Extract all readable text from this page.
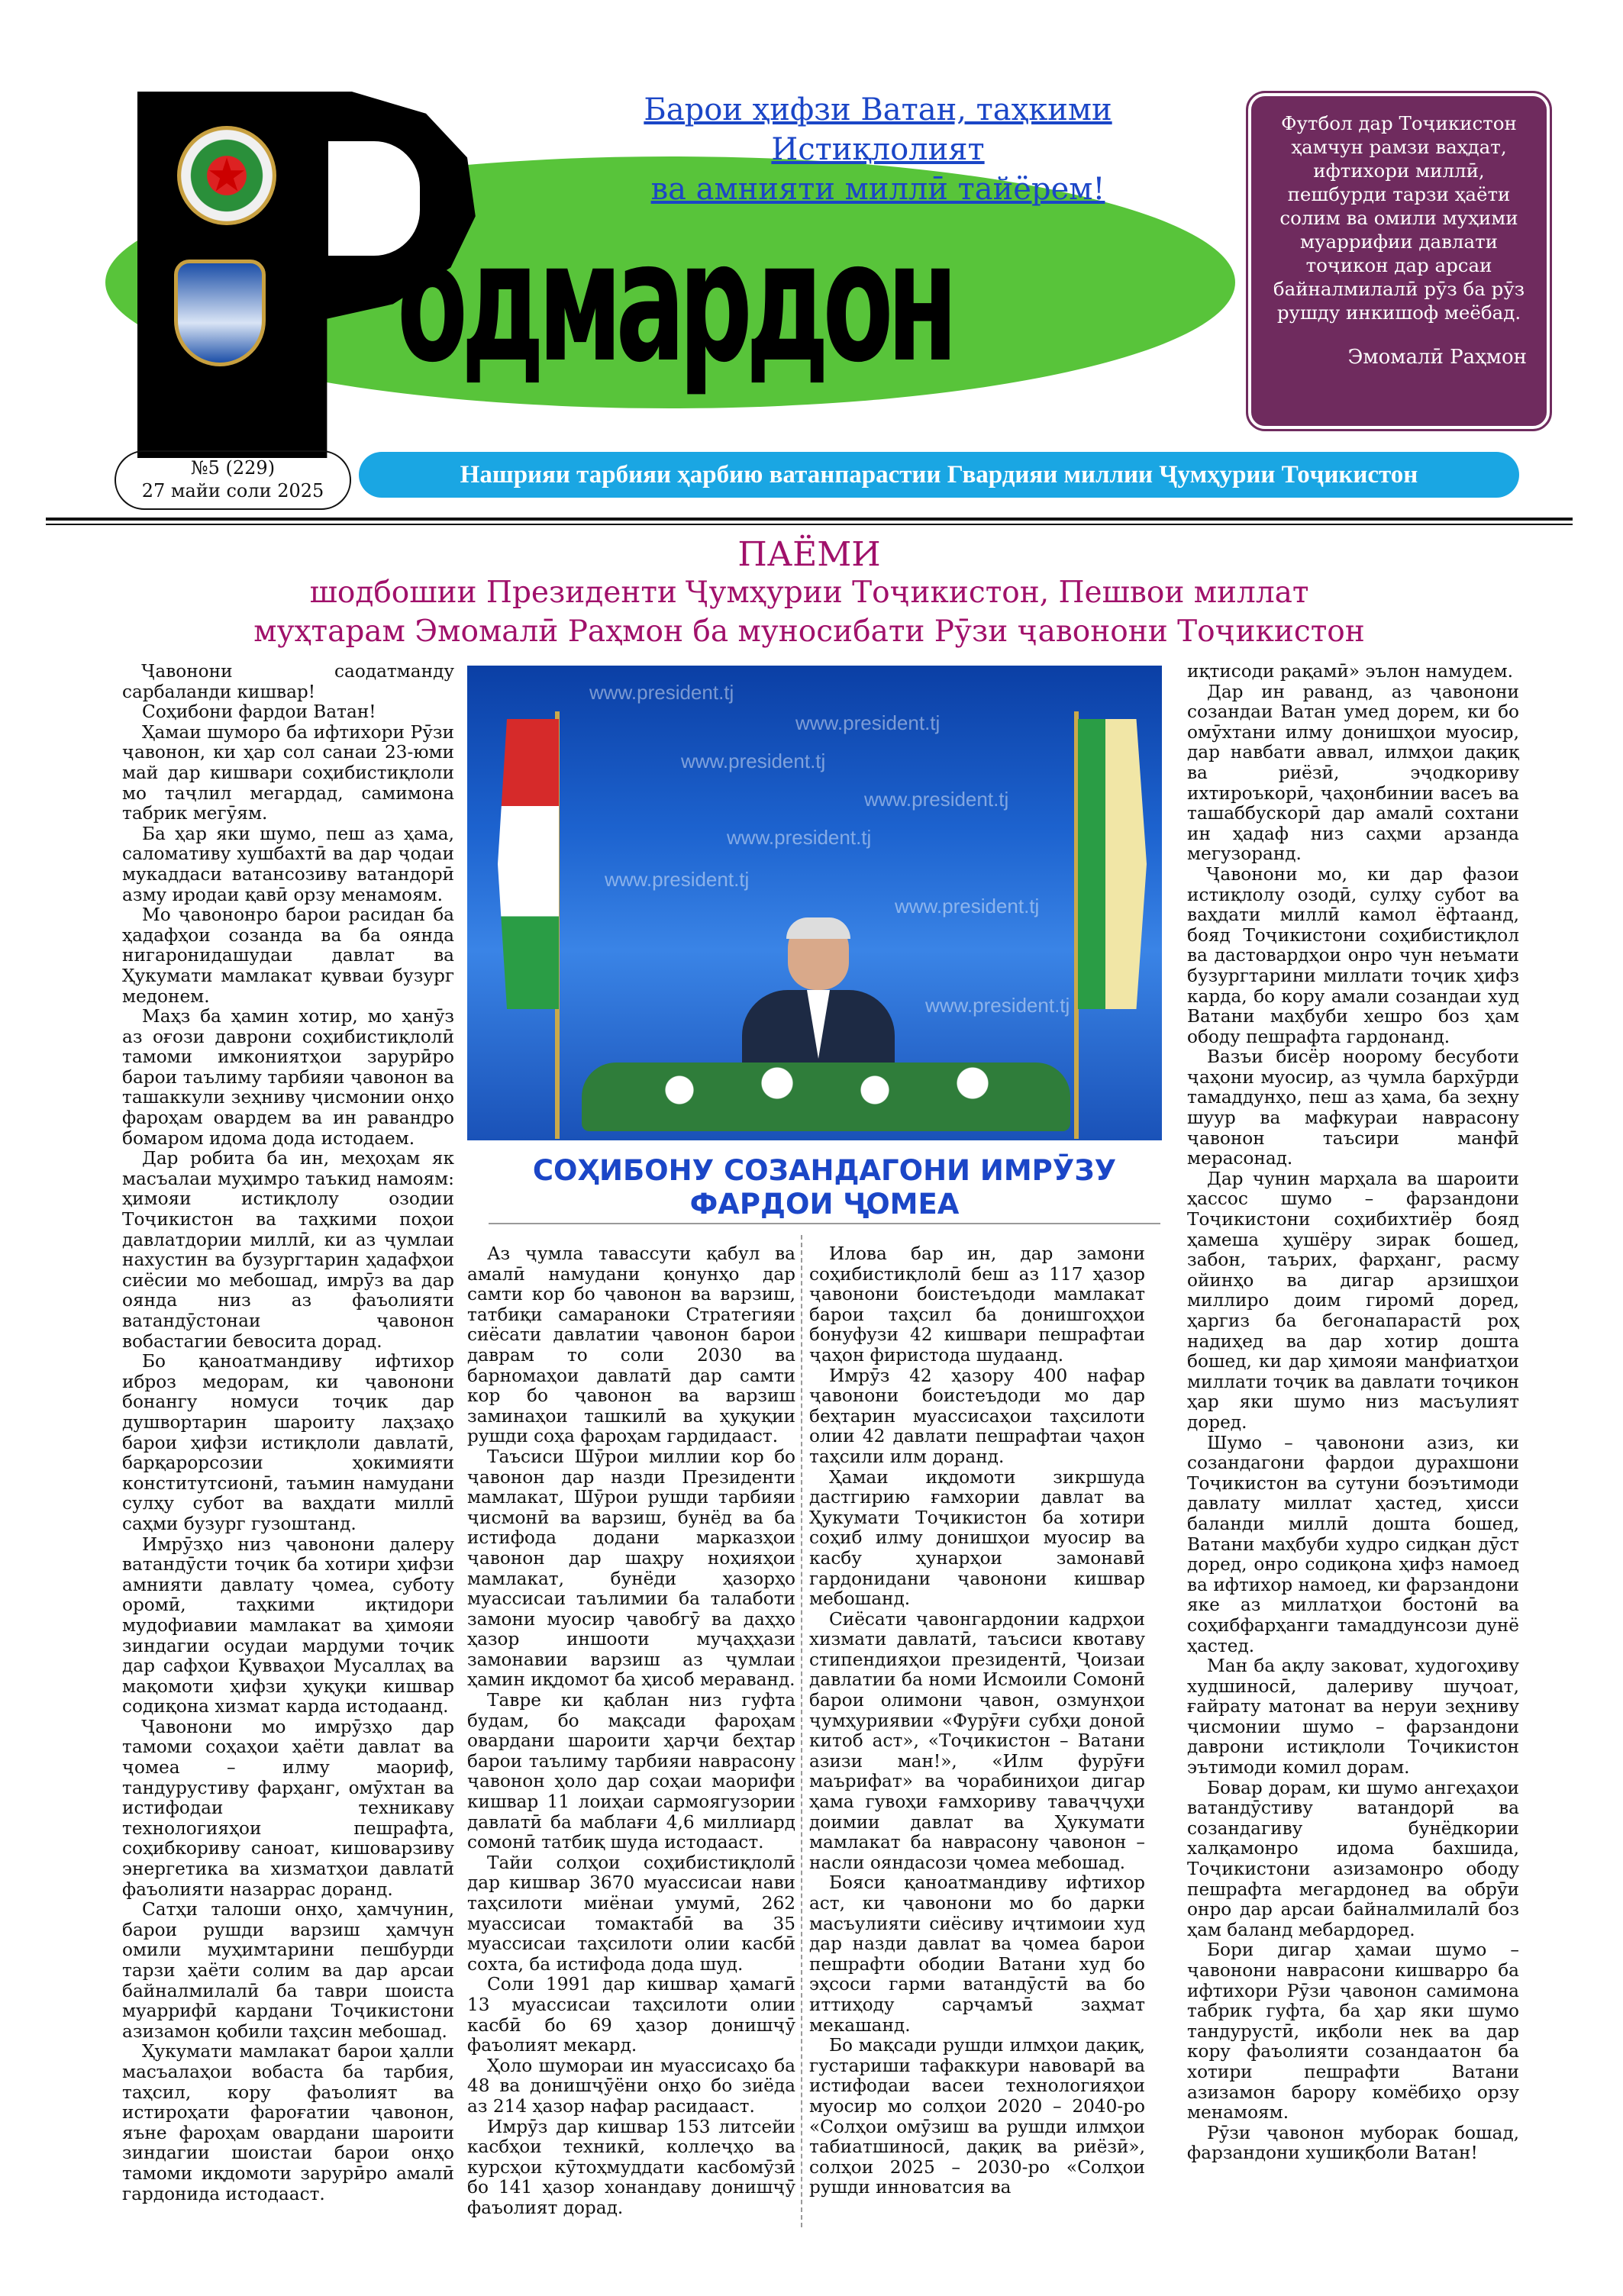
одмардон
★
Барои ҳифзи Ватан, таҳкими Истиқлолият
ва амнияти миллӣ тайёрем!
Футбол дар Тоҷикистон ҳамчун рамзи ваҳдат, ифтихори миллӣ, пешбурди тарзи ҳаёти солим ва омили муҳими муаррифии давлати тоҷикон дар арсаи байналмилалӣ рӯз ба рӯз рушду инкишоф меёбад.
Эмомалӣ Раҳмон
№5 (229)
27 майи соли 2025
Нашрияи тарбияи ҳарбию ватанпарастии Гвардияи миллии Ҷумҳурии Тоҷикистон
ПАЁМИ
шодбошии Президенти Ҷумҳурии Тоҷикистон, Пешвои миллат
муҳтарам Эмомалӣ Раҳмон ба муносибати Рӯзи ҷавонони Тоҷикистон
www.president.tj
www.president.tj
www.president.tj
www.president.tj
www.president.tj
www.president.tj
www.president.tj
www.president.tj
СОҲИБОНУ СОЗАНДАГОНИ ИМРӮЗУ
ФАРДОИ ҶОМЕА

Ҷавонони саодатманду сарбаланди кишвар!

Соҳибони фардои Ватан!

Ҳамаи шуморо ба ифтихори Рӯзи ҷавонон, ки ҳар сол санаи 23-юми май дар кишвари соҳибистиқлоли мо таҷлил мегардад, самимона табрик мегӯям.

Ба ҳар яки шумо, пеш аз ҳама, саломативу хушбахтӣ ва дар ҷодаи мукаддаси ватансозиву ватандорӣ азму иродаи қавӣ орзу менамоям.

Мо ҷавононро барои расидан ба ҳадафҳои созанда ва ба оянда нигаронидашудаи давлат ва Ҳукумати мамлакат қувваи бузург медонем.

Маҳз ба ҳамин хотир, мо ҳанӯз аз оғози даврони соҳибистиқлолӣ тамоми имкониятҳои зарурӣро барои таълиму тарбияи ҷавонон ва ташаккули зеҳниву ҷисмонии онҳо фароҳам овардем ва ин равандро бомаром идома дода истодаем.

Дар робита ба ин, меҳоҳам як масъалаи муҳимро таъкид намоям: ҳимояи истиқлолу озодии Тоҷикистон ва таҳкими поҳои давлатдории миллӣ, ки аз ҷумлаи нахустин ва бузургтарин ҳадафҳои сиёсии мо мебошад, имрӯз ва дар оянда низ аз фаъолияти ватандӯстонаи ҷавонон вобастагии бевосита дорад.

Бо қаноатмандиву ифтихор иброз медорам, ки ҷавонони бонангу номуси тоҷик дар душвортарин шароиту лаҳзаҳо барои ҳифзи истиқлоли давлатӣ, барқарорсозии ҳокимияти конститутсионӣ, таъмин намудани сулҳу субот ва ваҳдати миллӣ саҳми бузург гузоштанд.

Имрӯзҳо низ ҷавонони далеру ватандӯсти тоҷик ба хотири ҳифзи амнияти давлату ҷомеа, суботу оромӣ, таҳкими иқтидори мудофиавии мамлакат ва ҳимояи зиндагии осудаи мардуми тоҷик дар сафҳои Қувваҳои Мусаллаҳ ва мақомоти ҳифзи ҳуқуқи кишвар содиқона хизмат карда истодаанд.

Ҷавонони мо имрӯзҳо дар тамоми соҳаҳои ҳаёти давлат ва ҷомеа – илму маориф, тандурустиву фарҳанг, омӯхтан ва истифодаи техникаву технологияҳои пешрафта, соҳибкориву саноат, кишоварзиву энергетика ва хизматҳои давлатӣ фаъолияти назаррас доранд.

Сатҳи талоши онҳо, ҳамчунин, барои рушди варзиш ҳамчун омили муҳимтарини пешбурди тарзи ҳаёти солим ва дар арсаи байналмилалӣ ба таври шоиста муаррифӣ кардани Тоҷикистони азизамон қобили таҳсин мебошад.

Ҳукумати мамлакат барои ҳалли масъалаҳои вобаста ба тарбия, таҳсил, кору фаъолият ва истироҳати фароғатии ҷавонон, яъне фароҳам овардани шароити зиндагии шоистаи барои онҳо тамоми иқдомоти зарурӣро амалӣ гардонида истодааст.

Аз ҷумла тавассути қабул ва амалӣ намудани қонунҳо дар самти кор бо ҷавонон ва варзиш, татбиқи самараноки Стратегияи сиёсати давлатии ҷавонон барои даврам то соли 2030 ва барномаҳои давлатӣ дар самти кор бо ҷавонон ва варзиш заминаҳои ташкилӣ ва ҳуқуқии рушди соҳа фароҳам гардидааст.

Таъсиси Шӯрои миллии кор бо ҷавонон дар назди Президенти мамлакат, Шӯрои рушди тарбияи ҷисмонӣ ва варзиш, бунёд ва ба истифода додани марказҳои ҷавонон дар шаҳру ноҳияҳои мамлакат, бунёди ҳазорҳо муассисаи таълимии ба талаботи замони муосир ҷавобгӯ ва даҳҳо ҳазор иншооти муҷаҳҳази замонавии варзиш аз ҷумлаи ҳамин иқдомот ба ҳисоб мераванд.

Тавре ки қаблан низ гуфта будам, бо мақсади фароҳам овардани шароити ҳарҷи беҳтар барои таълиму тарбияи наврасону ҷавонон ҳоло дар соҳаи маорифи кишвар 11 лоиҳаи сармоягузории давлатӣ ба маблағи 4,6 миллиард сомонӣ татбиқ шуда истодааст.

Тайи солҳои соҳибистиқлолӣ дар кишвар 3670 муассисаи нави таҳсилоти миёнаи умумӣ, 262 муассисаи томактабӣ ва 35 муассисаи таҳсилоти олии касбӣ сохта, ба истифода дода шуд.

Соли 1991 дар кишвар ҳамагӣ 13 муассисаи таҳсилоти олии касбӣ бо 69 ҳазор донишҷӯ фаъолият мекард.

Ҳоло шумораи ин муассисаҳо ба 48 ва донишҷӯёни онҳо бо зиёда аз 214 ҳазор нафар расидааст.

Имрӯз дар кишвар 153 литсейи касбҳои техникӣ, коллеҷҳо ва курсҳои кӯтоҳмуддати касбомӯзӣ бо 141 ҳазор хонандаву донишҷӯ фаъолият дорад.

Илова бар ин, дар замони соҳибистиқлолӣ беш аз 117 ҳазор ҷавонони боистеъдоди мамлакат барои таҳсил ба донишгоҳҳои бонуфузи 42 кишвари пешрафтаи ҷаҳон фиристода шудаанд.

Имрӯз 42 ҳазору 400 нафар ҷавонони боистеъдоди мо дар беҳтарин муассисаҳои таҳсилоти олии 42 давлати пешрафтаи ҷаҳон таҳсили илм доранд.

Ҳамаи иқдомоти зикршуда дастгирию ғамхории давлат ва Ҳукумати Тоҷикистон ба хотири соҳиб илму донишҳои муосир ва касбу ҳунарҳои замонавӣ гардонидани ҷавонони кишвар мебошанд.

Сиёсати ҷавонгардонии кадрҳои хизмати давлатӣ, таъсиси квотаву стипендияҳои президентӣ, Ҷоизаи давлатии ба номи Исмоили Сомонӣ барои олимони ҷавон, озмунҳои ҷумҳуриявии «Фурӯғи субҳи доноӣ китоб аст», «Тоҷикистон – Ватани азизи ман!», «Илм фурӯғи маърифат» ва чорабиниҳои дигар ҳама гувоҳи ғамхориву таваҷҷуҳи доимии давлат ва Ҳукумати мамлакат ба наврасону ҷавонон – насли ояндасози ҷомеа мебошад.

Бояси қаноатмандиву ифтихор аст, ки ҷавонони мо бо дарки масъулияти сиёсиву иҷтимоии худ дар назди давлат ва ҷомеа барои пешрафти ободии Ватани худ бо эҳсоси гарми ватандӯстӣ ва бо иттиҳоду сарҷамъӣ заҳмат мекашанд.

Бо мақсади рушди илмҳои дақиқ, густариши тафаккури навоварӣ ва истифодаи васеи технологияҳои муосир мо солҳои 2020 – 2040-ро «Солҳои омӯзиш ва рушди илмҳои табиатшиносӣ, дақиқ ва риёзӣ», солҳои 2025 – 2030-ро «Солҳои рушди инноватсия ва

иқтисоди рақамӣ» эълон намудем.

Дар ин раванд, аз ҷавонони созандаи Ватан умед дорем, ки бо омӯхтани илму донишҳои муосир, дар навбати аввал, илмҳои дақиқ ва риёзӣ, эҷодкориву ихтироъкорӣ, ҷаҳонбинии васеъ ва ташаббускорӣ дар амалӣ сохтани ин ҳадаф низ саҳми арзанда мегузоранд.

Ҷавонони мо, ки дар фазои истиқлолу озодӣ, сулҳу субот ва ваҳдати миллӣ камол ёфтаанд, бояд Тоҷикистони соҳибистиқлол ва дастовардҳои онро чун неъмати бузургтарини миллати тоҷик ҳифз карда, бо кору амали созандаи худ Ватани маҳбуби хешро боз ҳам ободу пешрафта гардонанд.

Вазъи бисёр ноорому бесуботи ҷаҳони муосир, аз ҷумла бархӯрди тамаддунҳо, пеш аз ҳама, ба зеҳну шуур ва мафкураи наврасону ҷавонон таъсири манфӣ мерасонад.

Дар чунин марҳала ва шароити ҳассос шумо – фарзандони Тоҷикистони соҳибихтиёр бояд ҳамеша ҳушёру зирак бошед, забон, таърих, фарҳанг, расму ойинҳо ва дигар арзишҳои миллиро доим гиромӣ доред, ҳаргиз ба бегонапарастӣ роҳ надиҳед ва дар хотир дошта бошед, ки дар ҳимояи манфиатҳои миллати тоҷик ва давлати тоҷикон ҳар яки шумо низ масъулият доред.

Шумо – ҷавонони азиз, ки созандагони фардои дурахшони Тоҷикистон ва сутуни боэътимоди давлату миллат ҳастед, ҳисси баланди миллӣ дошта бошед, Ватани маҳбуби худро сидқан дӯст доред, онро содиқона ҳифз намоед ва ифтихор намоед, ки фарзандони яке аз миллатҳои бостонӣ ва соҳибфарҳанги тамаддунсози дунё ҳастед.

Ман ба ақлу заковат, худогоҳиву худшиносӣ, далериву шуҷоат, ғайрату матонат ва неруи зеҳниву ҷисмонии шумо – фарзандони даврони истиқлоли Тоҷикистон эътимоди комил дорам.

Бовар дорам, ки шумо ангеҳаҳои ватандӯстиву ватандорӣ ва созандагиву бунёдкории халқамонро идома бахшида, Тоҷикистони азизамонро ободу пешрафта мегардонед ва обрӯи онро дар арсаи байналмилалӣ боз ҳам баланд мебардоред.

Бори дигар ҳамаи шумо – ҷавонони наврасони кишварро ба ифтихори Рӯзи ҷавонон самимона табрик гуфта, ба ҳар яки шумо тандурустӣ, иқболи нек ва дар кору фаъолияти созандаатон ба хотири пешрафти Ватани азизамон барору комёбиҳо орзу менамоям.

Рӯзи ҷавонон муборак бошад, фарзандони хушиқболи Ватан!
